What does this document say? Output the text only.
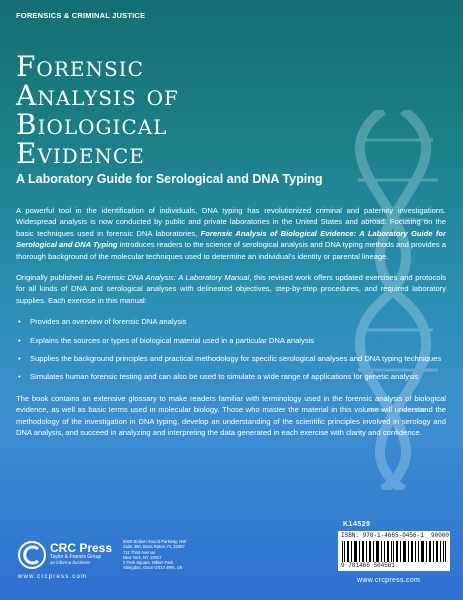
FORENSICS & CRIMINAL JUSTICE
Forensic
Analysis of
Biological
Evidence
A Laboratory Guide for Serological and DNA Typing

A powerful tool in the identification of individuals, DNA typing has revolutionized criminal and paternity investigations. Widespread analysis is now conducted by public and private laboratories in the United States and abroad. Focusing on the basic techniques used in forensic DNA laboratories, Forensic Analysis of Biological Evidence: A Laboratory Guide for Serological and DNA Typing introduces readers to the science of serological analysis and DNA typing methods and provides a thorough background of the molecular techniques used to determine an individual's identity or parental lineage.

Originally published as Forensic DNA Analysis: A Laboratory Manual, this revised work offers updated exercises and protocols for all kinds of DNA and serological analyses with delineated objectives, step-by-step procedures, and required laboratory supplies. Each exercise in this manual:

• Provides an overview of forensic DNA analysis
• Explains the sources or types of biological material used in a particular DNA analysis
• Supplies the background principles and practical methodology for specific serological analyses and DNA typing techniques
• Simulates human forensic testing and can also be used to simulate a wide range of applications for genetic analysis

The book contains an extensive glossary to make readers familiar with terminology used in the forensic analysis of biological evidence, as well as basic terms used in molecular biology. Those who master the material in this volume will understand the methodology of the investigation in DNA typing, develop an understanding of the scientific principles involved in serology and DNA analysis, and succeed in analyzing and interpreting the data generated in each exercise with clarity and confidence.

CRC Press
Taylor & Francis Group
an informa business
www.crcpress.com
6000 Broken Sound Parkway, NW
Suite 300, Boca Raton, FL 33487
711 Third Avenue
New York, NY 10017
2 Park Square, Milton Park
Abingdon, Oxon OX14 4RN, UK
K14529
ISBN: 978-1-4665-0456-1 90000
9 781466 504561
www.crcpress.com
